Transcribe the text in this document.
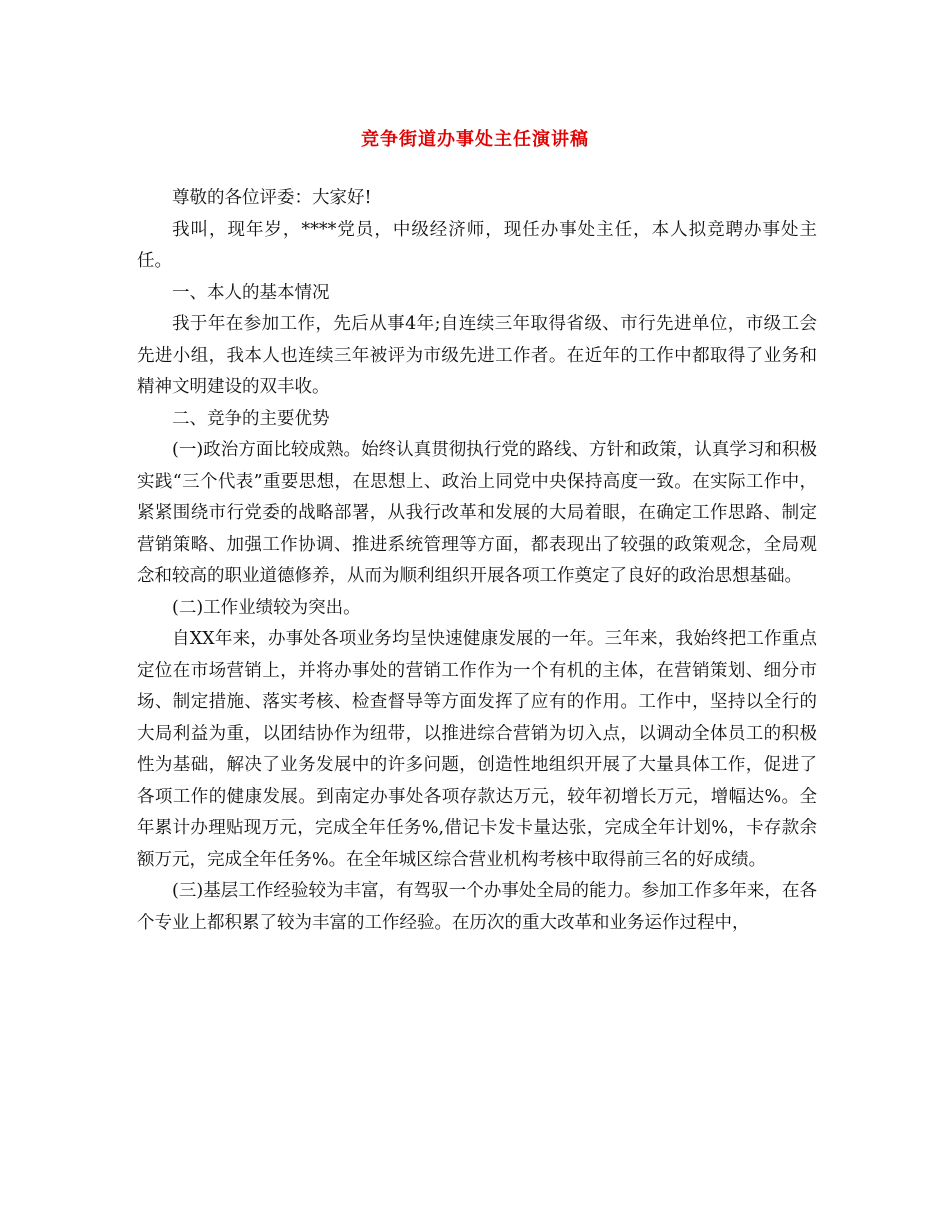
竞争街道办事处主任演讲稿

尊敬的各位评委：大家好!

我叫，现年岁，****党员，中级经济师，现任办事处主任，本人拟竞聘办事处主任。

一、本人的基本情况

我于年在参加工作，先后从事4年;自连续三年取得省级、市行先进单位，市级工会先进小组，我本人也连续三年被评为市级先进工作者。在近年的工作中都取得了业务和精神文明建设的双丰收。

二、竞争的主要优势

(一)政治方面比较成熟。始终认真贯彻执行党的路线、方针和政策，认真学习和积极实践“三个代表”重要思想，在思想上、政治上同党中央保持高度一致。在实际工作中，紧紧围绕市行党委的战略部署，从我行改革和发展的大局着眼，在确定工作思路、制定营销策略、加强工作协调、推进系统管理等方面，都表现出了较强的政策观念，全局观念和较高的职业道德修养，从而为顺利组织开展各项工作奠定了良好的政治思想基础。

(二)工作业绩较为突出。

自XX年来，办事处各项业务均呈快速健康发展的一年。三年来，我始终把工作重点定位在市场营销上，并将办事处的营销工作作为一个有机的主体，在营销策划、细分市场、制定措施、落实考核、检查督导等方面发挥了应有的作用。工作中，坚持以全行的大局利益为重，以团结协作为纽带，以推进综合营销为切入点，以调动全体员工的积极性为基础，解决了业务发展中的许多问题，创造性地组织开展了大量具体工作，促进了各项工作的健康发展。到南定办事处各项存款达万元，较年初增长万元，增幅达%。全年累计办理贴现万元，完成全年任务%,借记卡发卡量达张，完成全年计划%，卡存款余额万元，完成全年任务%。在全年城区综合营业机构考核中取得前三名的好成绩。

(三)基层工作经验较为丰富，有驾驭一个办事处全局的能力。参加工作多年来，在各个专业上都积累了较为丰富的工作经验。在历次的重大改革和业务运作过程中，
